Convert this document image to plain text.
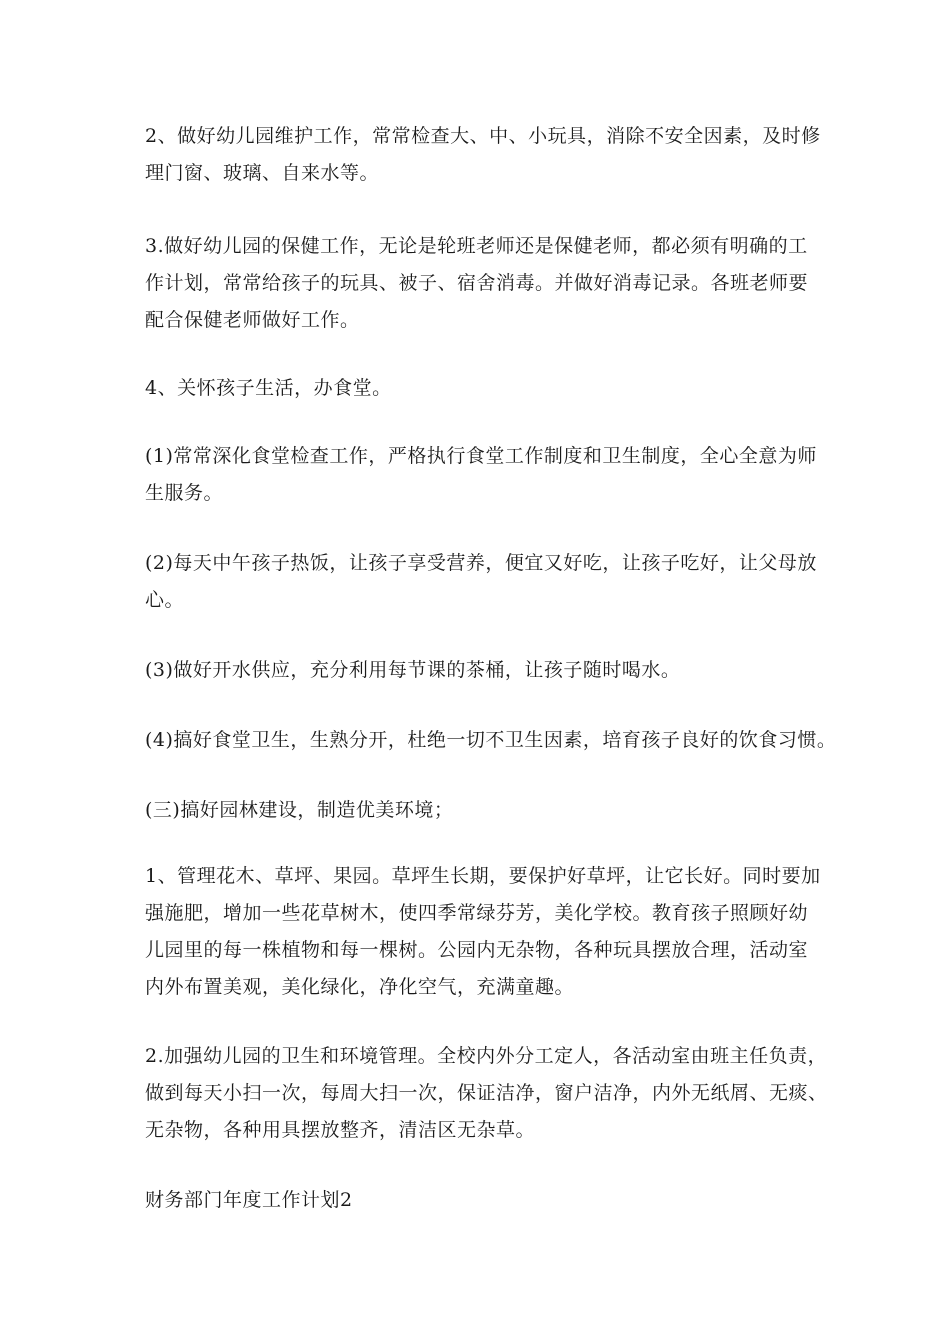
2、做好幼儿园维护工作，常常检查大、中、小玩具，消除不安全因素，及时修
理门窗、玻璃、自来水等。

3.做好幼儿园的保健工作，无论是轮班老师还是保健老师，都必须有明确的工
作计划，常常给孩子的玩具、被子、宿舍消毒。并做好消毒记录。各班老师要
配合保健老师做好工作。

4、关怀孩子生活，办食堂。

(1)常常深化食堂检查工作，严格执行食堂工作制度和卫生制度，全心全意为师
生服务。

(2)每天中午孩子热饭，让孩子享受营养，便宜又好吃，让孩子吃好，让父母放
心。

(3)做好开水供应，充分利用每节课的茶桶，让孩子随时喝水。

(4)搞好食堂卫生，生熟分开，杜绝一切不卫生因素，培育孩子良好的饮食习惯。

(三)搞好园林建设，制造优美环境；

1、管理花木、草坪、果园。草坪生长期，要保护好草坪，让它长好。同时要加
强施肥，增加一些花草树木，使四季常绿芬芳，美化学校。教育孩子照顾好幼
儿园里的每一株植物和每一棵树。公园内无杂物，各种玩具摆放合理，活动室
内外布置美观，美化绿化，净化空气，充满童趣。

2.加强幼儿园的卫生和环境管理。全校内外分工定人，各活动室由班主任负责，
做到每天小扫一次，每周大扫一次，保证洁净，窗户洁净，内外无纸屑、无痰、
无杂物，各种用具摆放整齐，清洁区无杂草。

财务部门年度工作计划2
